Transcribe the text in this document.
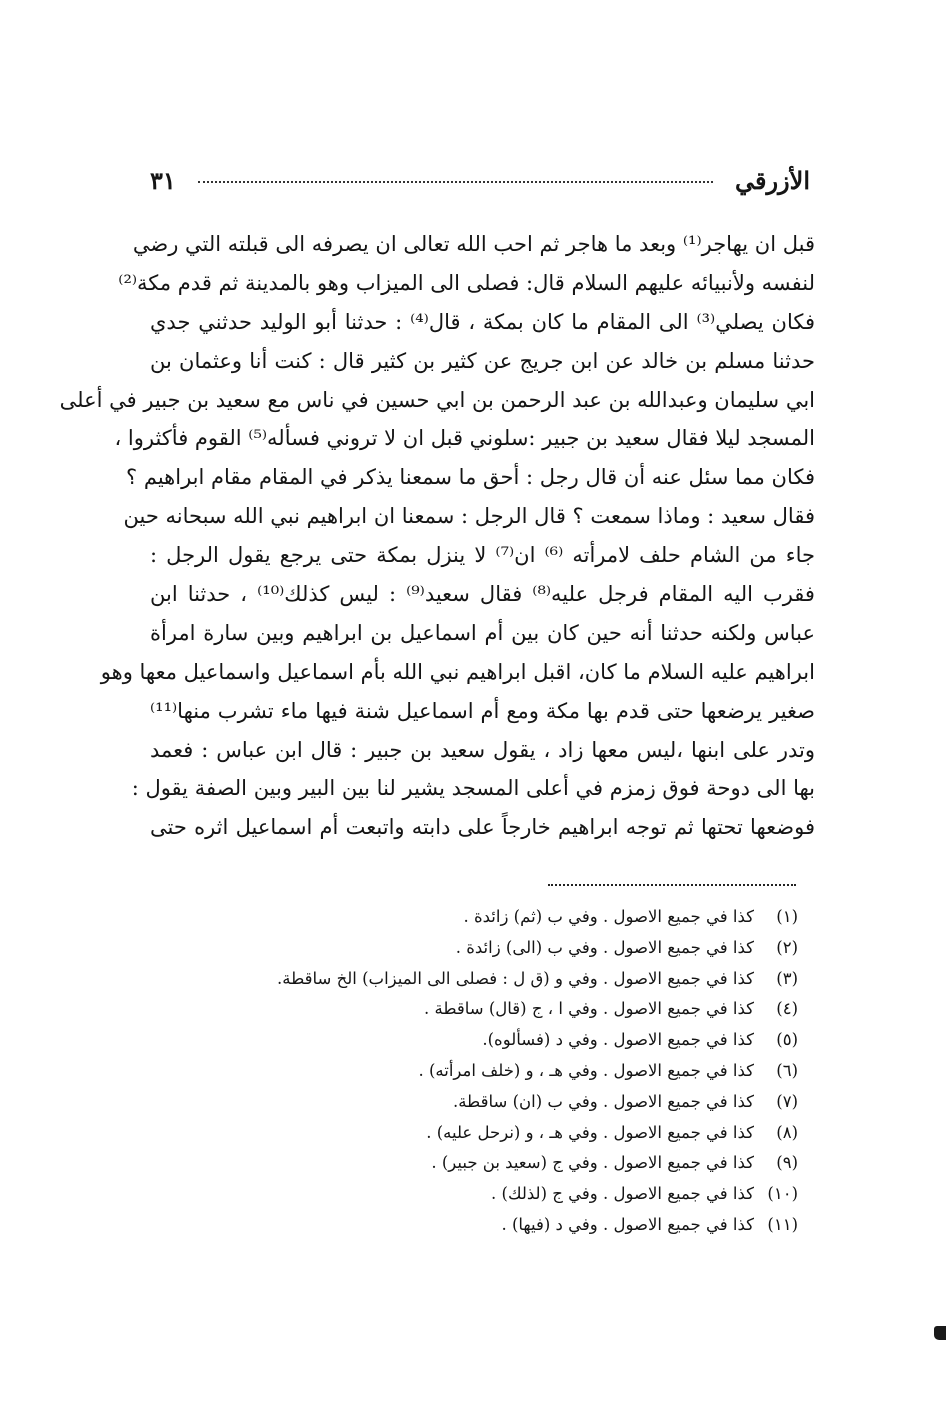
الأزرقي
٣١
قبل ان يهاجر⁽¹⁾ وبعد ما هاجر ثم احب الله تعالى ان يصرفه الى قبلته التي رضي
لنفسه ولأنبيائه عليهم السلام قال: فصلى الى الميزاب وهو بالمدينة ثم قدم مكة⁽²⁾
فكان يصلي⁽³⁾ الى المقام ما كان بمكة ، قال⁽⁴⁾ : حدثنا أبو الوليد حدثني جدي
حدثنا مسلم بن خالد عن ابن جريج عن كثير بن كثير قال : كنت أنا وعثمان بن
ابي سليمان وعبدالله بن عبد الرحمن بن ابي حسين في ناس مع سعيد بن جبير في أعلى
المسجد ليلا فقال سعيد بن جبير :سلوني قبل ان لا تروني فسأله⁽⁵⁾ القوم فأكثروا ،
فكان مما سئل عنه أن قال رجل : أحق ما سمعنا يذكر في المقام مقام ابراهيم ؟
فقال سعيد : وماذا سمعت ؟ قال الرجل : سمعنا ان ابراهيم نبي الله سبحانه حين
جاء من الشام حلف لامرأته ⁽⁶⁾ ان⁽⁷⁾ لا ينزل بمكة حتى يرجع يقول الرجل :
فقرب اليه المقام فرجل عليه⁽⁸⁾ فقال سعيد⁽⁹⁾ : ليس كذلك⁽¹⁰⁾ ، حدثنا ابن
عباس ولكنه حدثنا أنه حين كان بين أم اسماعيل بن ابراهيم وبين سارة امرأة
ابراهيم عليه السلام ما كان، اقبل ابراهيم نبي الله بأم اسماعيل واسماعيل معها وهو
صغير يرضعها حتى قدم بها مكة ومع أم اسماعيل شنة فيها ماء تشرب منها⁽¹¹⁾
وتدر على ابنها ،ليس معها زاد ، يقول سعيد بن جبير : قال ابن عباس : فعمد
بها الى دوحة فوق زمزم في أعلى المسجد يشير لنا بين البير وبين الصفة يقول :
فوضعها تحتها ثم توجه ابراهيم خارجاً على دابته واتبعت أم اسماعيل اثره حتى
(١)
كذا في جميع الاصول . وفي ب (ثم) زائدة .
(٢)
كذا في جميع الاصول . وفي ب (الى) زائدة .
(٣)
كذا في جميع الاصول . وفي و (ق ل : فصلى الى الميزاب) الخ ساقطة.
(٤)
كذا في جميع الاصول . وفي ا ، ج (قال) ساقطة .
(٥)
كذا في جميع الاصول . وفي د (فسألوه).
(٦)
كذا في جميع الاصول . وفي هـ ، و (خلف امرأته) .
(٧)
كذا في جميع الاصول . وفي ب (ان) ساقطة.
(٨)
كذا في جميع الاصول . وفي هـ ، و (نرحل عليه) .
(٩)
كذا في جميع الاصول . وفي ج (سعيد بن جبير) .
(١٠)
كذا في جميع الاصول . وفي ج (لذلك) .
(١١)
كذا في جميع الاصول . وفي د (فيها) .
